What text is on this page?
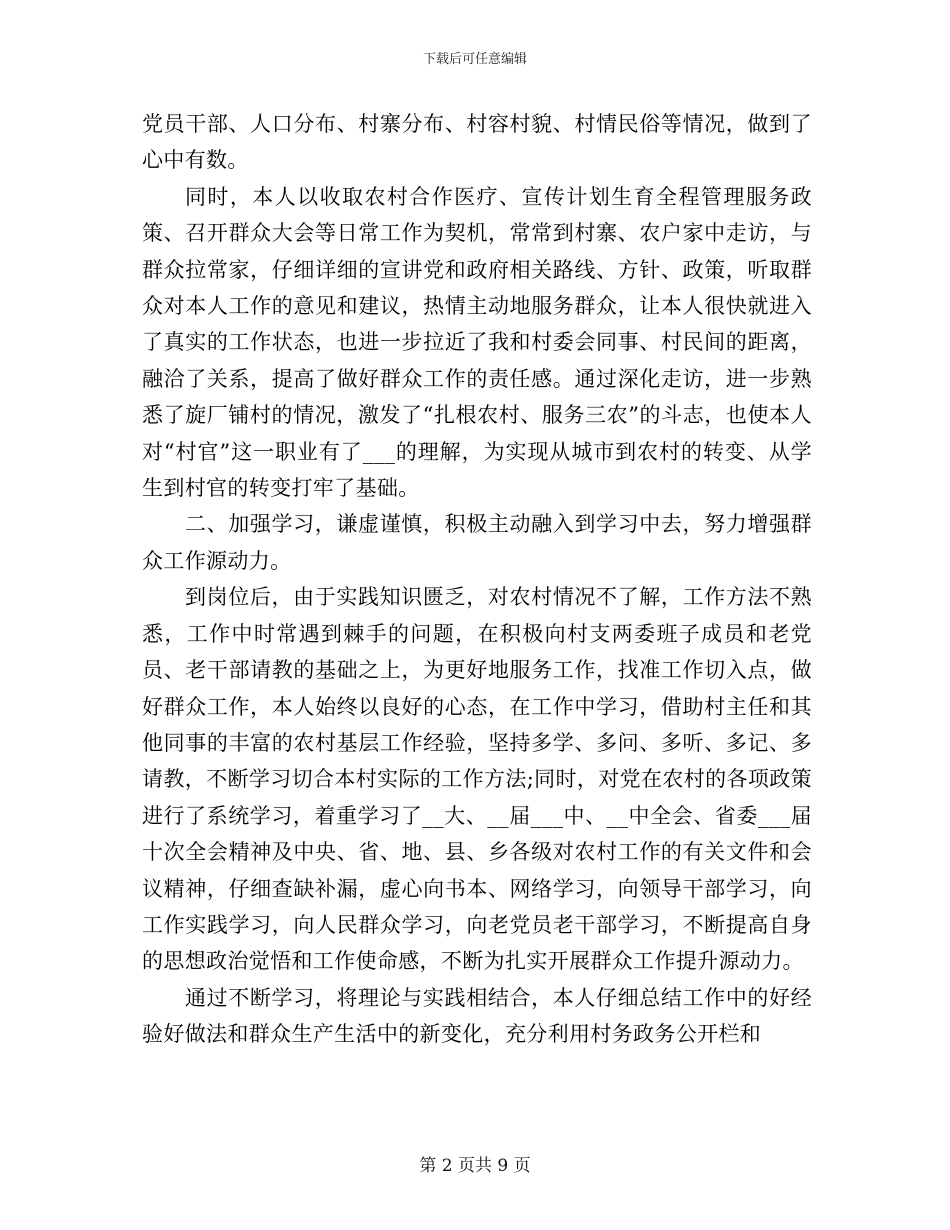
下载后可任意编辑

党员干部、人口分布、村寨分布、村容村貌、村情民俗等情况，做到了心中有数。

同时，本人以收取农村合作医疗、宣传计划生育全程管理服务政策、召开群众大会等日常工作为契机，常常到村寨、农户家中走访，与群众拉常家，仔细详细的宣讲党和政府相关路线、方针、政策，听取群众对本人工作的意见和建议，热情主动地服务群众，让本人很快就进入了真实的工作状态，也进一步拉近了我和村委会同事、村民间的距离，融洽了关系，提高了做好群众工作的责任感。通过深化走访，进一步熟悉了旋厂铺村的情况，激发了“扎根农村、服务三农”的斗志，也使本人对“村官”这一职业有了___的理解，为实现从城市到农村的转变、从学生到村官的转变打牢了基础。

二、加强学习，谦虚谨慎，积极主动融入到学习中去，努力增强群众工作源动力。

到岗位后，由于实践知识匮乏，对农村情况不了解，工作方法不熟悉，工作中时常遇到棘手的问题，在积极向村支两委班子成员和老党员、老干部请教的基础之上，为更好地服务工作，找准工作切入点，做好群众工作，本人始终以良好的心态，在工作中学习，借助村主任和其他同事的丰富的农村基层工作经验，坚持多学、多问、多听、多记、多请教，不断学习切合本村实际的工作方法;同时，对党在农村的各项政策进行了系统学习，着重学习了__大、__届___中、__中全会、省委___届十次全会精神及中央、省、地、县、乡各级对农村工作的有关文件和会议精神，仔细查缺补漏，虚心向书本、网络学习，向领导干部学习，向工作实践学习，向人民群众学习，向老党员老干部学习，不断提高自身的思想政治觉悟和工作使命感，不断为扎实开展群众工作提升源动力。

通过不断学习，将理论与实践相结合，本人仔细总结工作中的好经验好做法和群众生产生活中的新变化，充分利用村务政务公开栏和

第 2 页共 9 页
